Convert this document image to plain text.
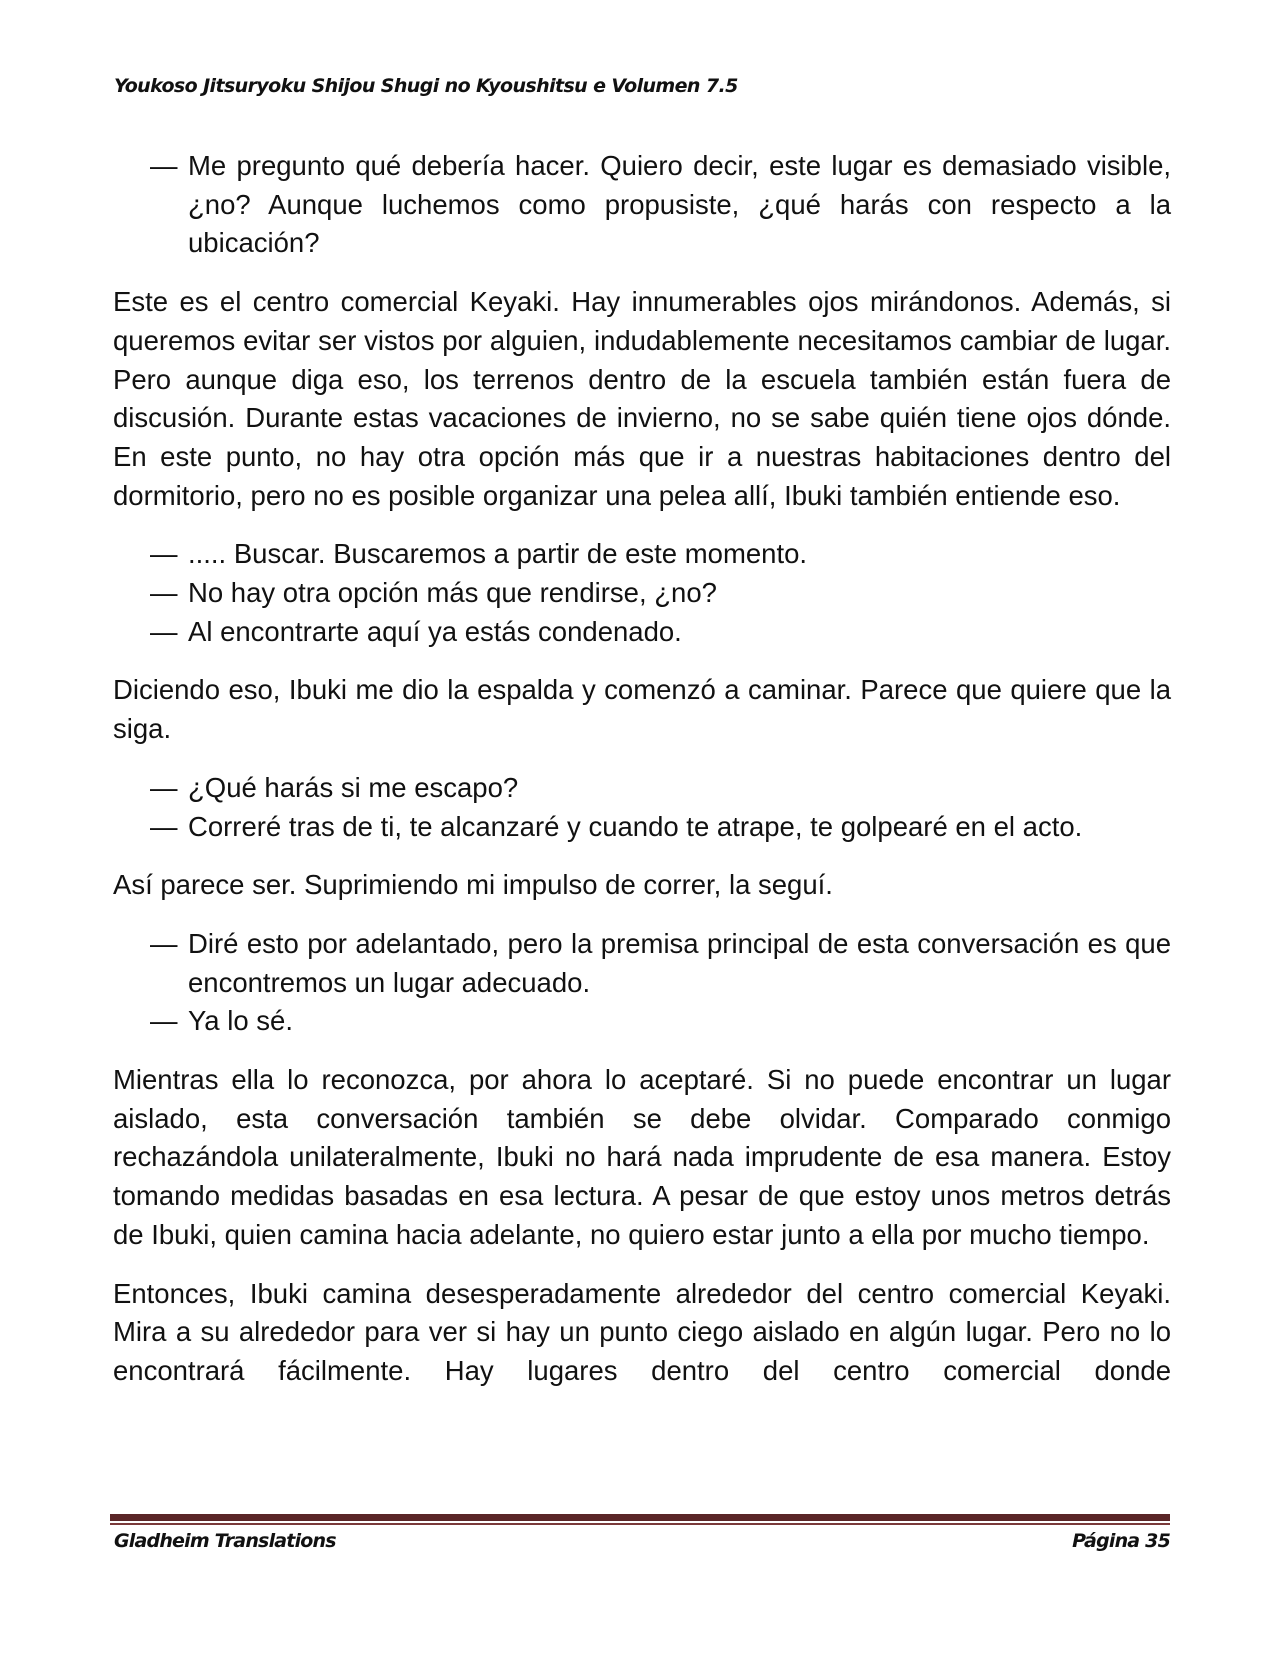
Youkoso Jitsuryoku Shijou Shugi no Kyoushitsu e Volumen 7.5
— Me pregunto qué debería hacer. Quiero decir, este lugar es demasiado visible, ¿no? Aunque luchemos como propusiste, ¿qué harás con respecto a la ubicación?

Este es el centro comercial Keyaki. Hay innumerables ojos mirándonos. Además, si queremos evitar ser vistos por alguien, indudablemente necesitamos cambiar de lugar. Pero aunque diga eso, los terrenos dentro de la escuela también están fuera de discusión. Durante estas vacaciones de invierno, no se sabe quién tiene ojos dónde. En este punto, no hay otra opción más que ir a nuestras habitaciones dentro del dormitorio, pero no es posible organizar una pelea allí, Ibuki también entiende eso.

— ..... Buscar. Buscaremos a partir de este momento.
— No hay otra opción más que rendirse, ¿no?
— Al encontrarte aquí ya estás condenado.

Diciendo eso, Ibuki me dio la espalda y comenzó a caminar. Parece que quiere que la siga.

— ¿Qué harás si me escapo?
— Correré tras de ti, te alcanzaré y cuando te atrape, te golpearé en el acto.

Así parece ser. Suprimiendo mi impulso de correr, la seguí.

— Diré esto por adelantado, pero la premisa principal de esta conversación es que encontremos un lugar adecuado.
— Ya lo sé.

Mientras ella lo reconozca, por ahora lo aceptaré. Si no puede encontrar un lugar aislado, esta conversación también se debe olvidar. Comparado conmigo rechazándola unilateralmente, Ibuki no hará nada imprudente de esa manera. Estoy tomando medidas basadas en esa lectura. A pesar de que estoy unos metros detrás de Ibuki, quien camina hacia adelante, no quiero estar junto a ella por mucho tiempo.

Entonces, Ibuki camina desesperadamente alrededor del centro comercial Keyaki. Mira a su alrededor para ver si hay un punto ciego aislado en algún lugar. Pero no lo encontrará fácilmente. Hay lugares dentro del centro comercial donde

Gladheim Translations	Página 35
